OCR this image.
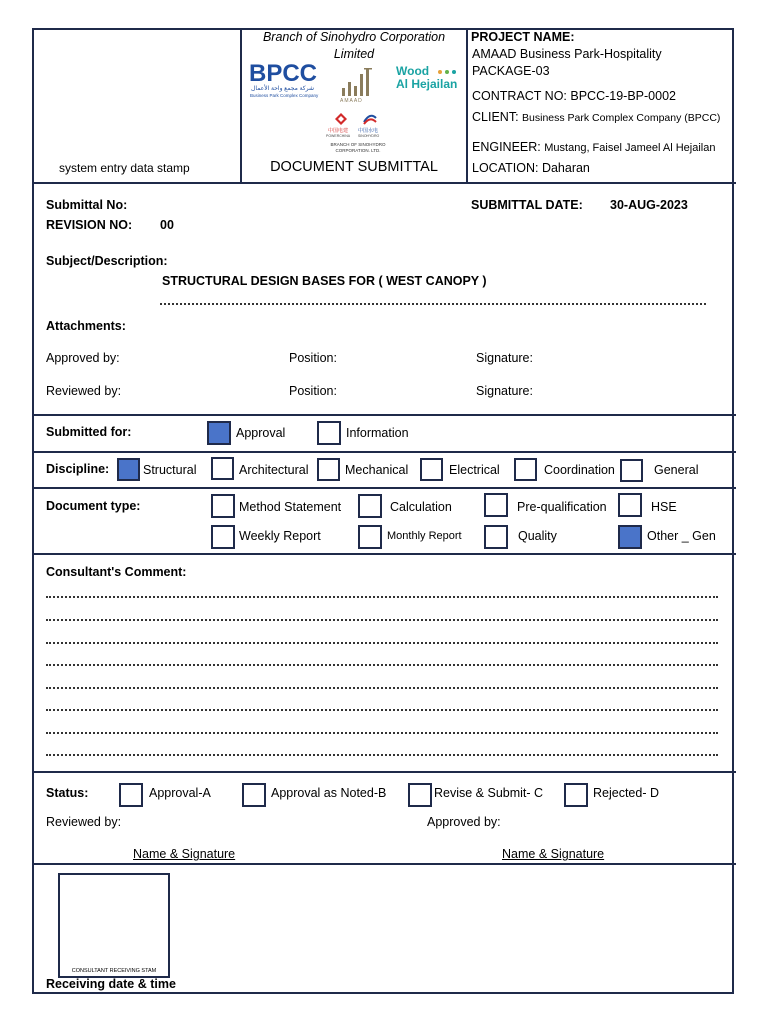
system entry data stamp
Branch of Sinohydro Corporation
Limited
BPCC
شركة مجمع واحة الأعمال
Business Park Complex Company
AMAAD
Wood
Al Hejailan
中国电建 中国水电
POWERCHINA SINOHYDRO
BRANCH OF SINOHYDRO
CORPORATION. LTD.
DOCUMENT SUBMITTAL
PROJECT NAME:
AMAAD Business Park-Hospitality
PACKAGE-03
CONTRACT NO: BPCC-19-BP-0002
CLIENT: Business Park Complex Company (BPCC)
ENGINEER: Mustang, Faisel Jameel Al Hejailan
LOCATION: Daharan
Submittal No:
REVISION NO: 00
SUBMITTAL DATE: 30-AUG-2023
Subject/Description:
STRUCTURAL DESIGN BASES FOR ( WEST CANOPY )
Attachments:
Approved by:	Position:	Signature:
Reviewed by:	Position:	Signature:
Submitted for:	Approval	Information
Discipline:	Structural	Architectural	Mechanical	Electrical	Coordination	General
Document type:	Method Statement	Calculation	Pre-qualification	HSE
Weekly Report	Monthly Report	Quality	Other _ Gen
Consultant's Comment:
Status:	Approval-A	Approval as Noted-B	Revise & Submit- C	Rejected- D
Reviewed by:	Approved by:
Name & Signature	Name & Signature
CONSULTANT RECEIVING STAM
Receiving date & time
